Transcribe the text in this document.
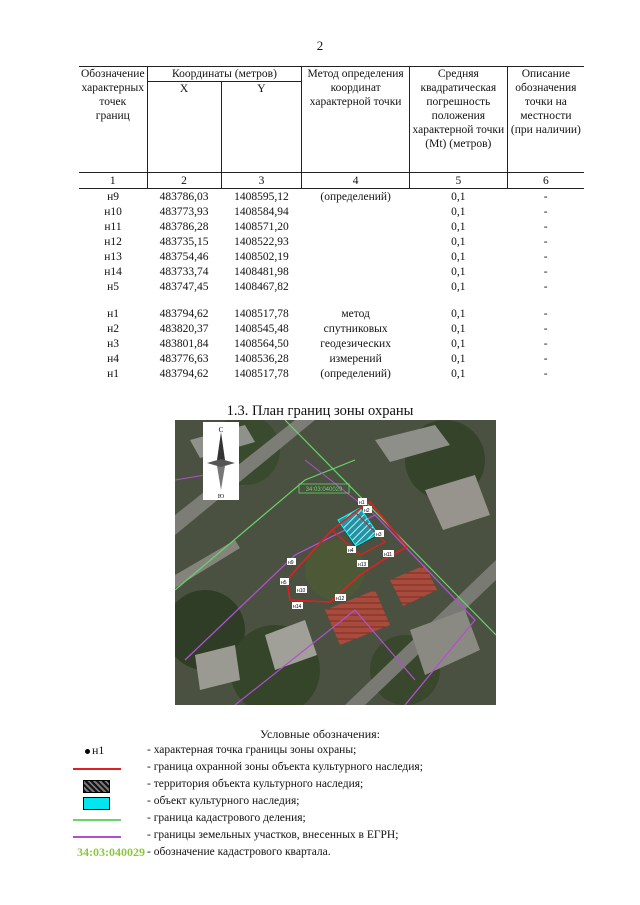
2
Обозначение характерных точек границ	Координаты (метров)		Метод определения координат характерной точки	Средняя квадратическая погрешность положения характерной точки (Mt) (метров)	Описание обозначения точки на местности (при наличии)
	X	Y			
1	2	3	4	5	6
н9	483786,03	1408595,12	(определений)	0,1	-
н10	483773,93	1408584,94		0,1	-
н11	483786,28	1408571,20		0,1	-
н12	483735,15	1408522,93		0,1	-
н13	483754,46	1408502,19		0,1	-
н14	483733,74	1408481,98		0,1	-
н5	483747,45	1408467,82		0,1	-

н1	483794,62	1408517,78	метод	0,1	-
н2	483820,37	1408545,48	спутниковых	0,1	-
н3	483801,84	1408564,50	геодезических	0,1	-
н4	483776,63	1408536,28	измерений	0,1	-
н1	483794,62	1408517,78	(определений)	0,1	-
1.3. План границ зоны охраны
С
Ю
34:03:040029
н1
н2
н3
н4
н5
н9
н10
н11
н12
н13
н14
Условные обозначения:
н1	- характерная точка границы зоны охраны;
- граница охранной зоны объекта культурного наследия;
- территория объекта культурного наследия;
- объект культурного наследия;
- граница кадастрового деления;
- границы земельных участков, внесенных в ЕГРН;
34:03:040029 - обозначение кадастрового квартала.
